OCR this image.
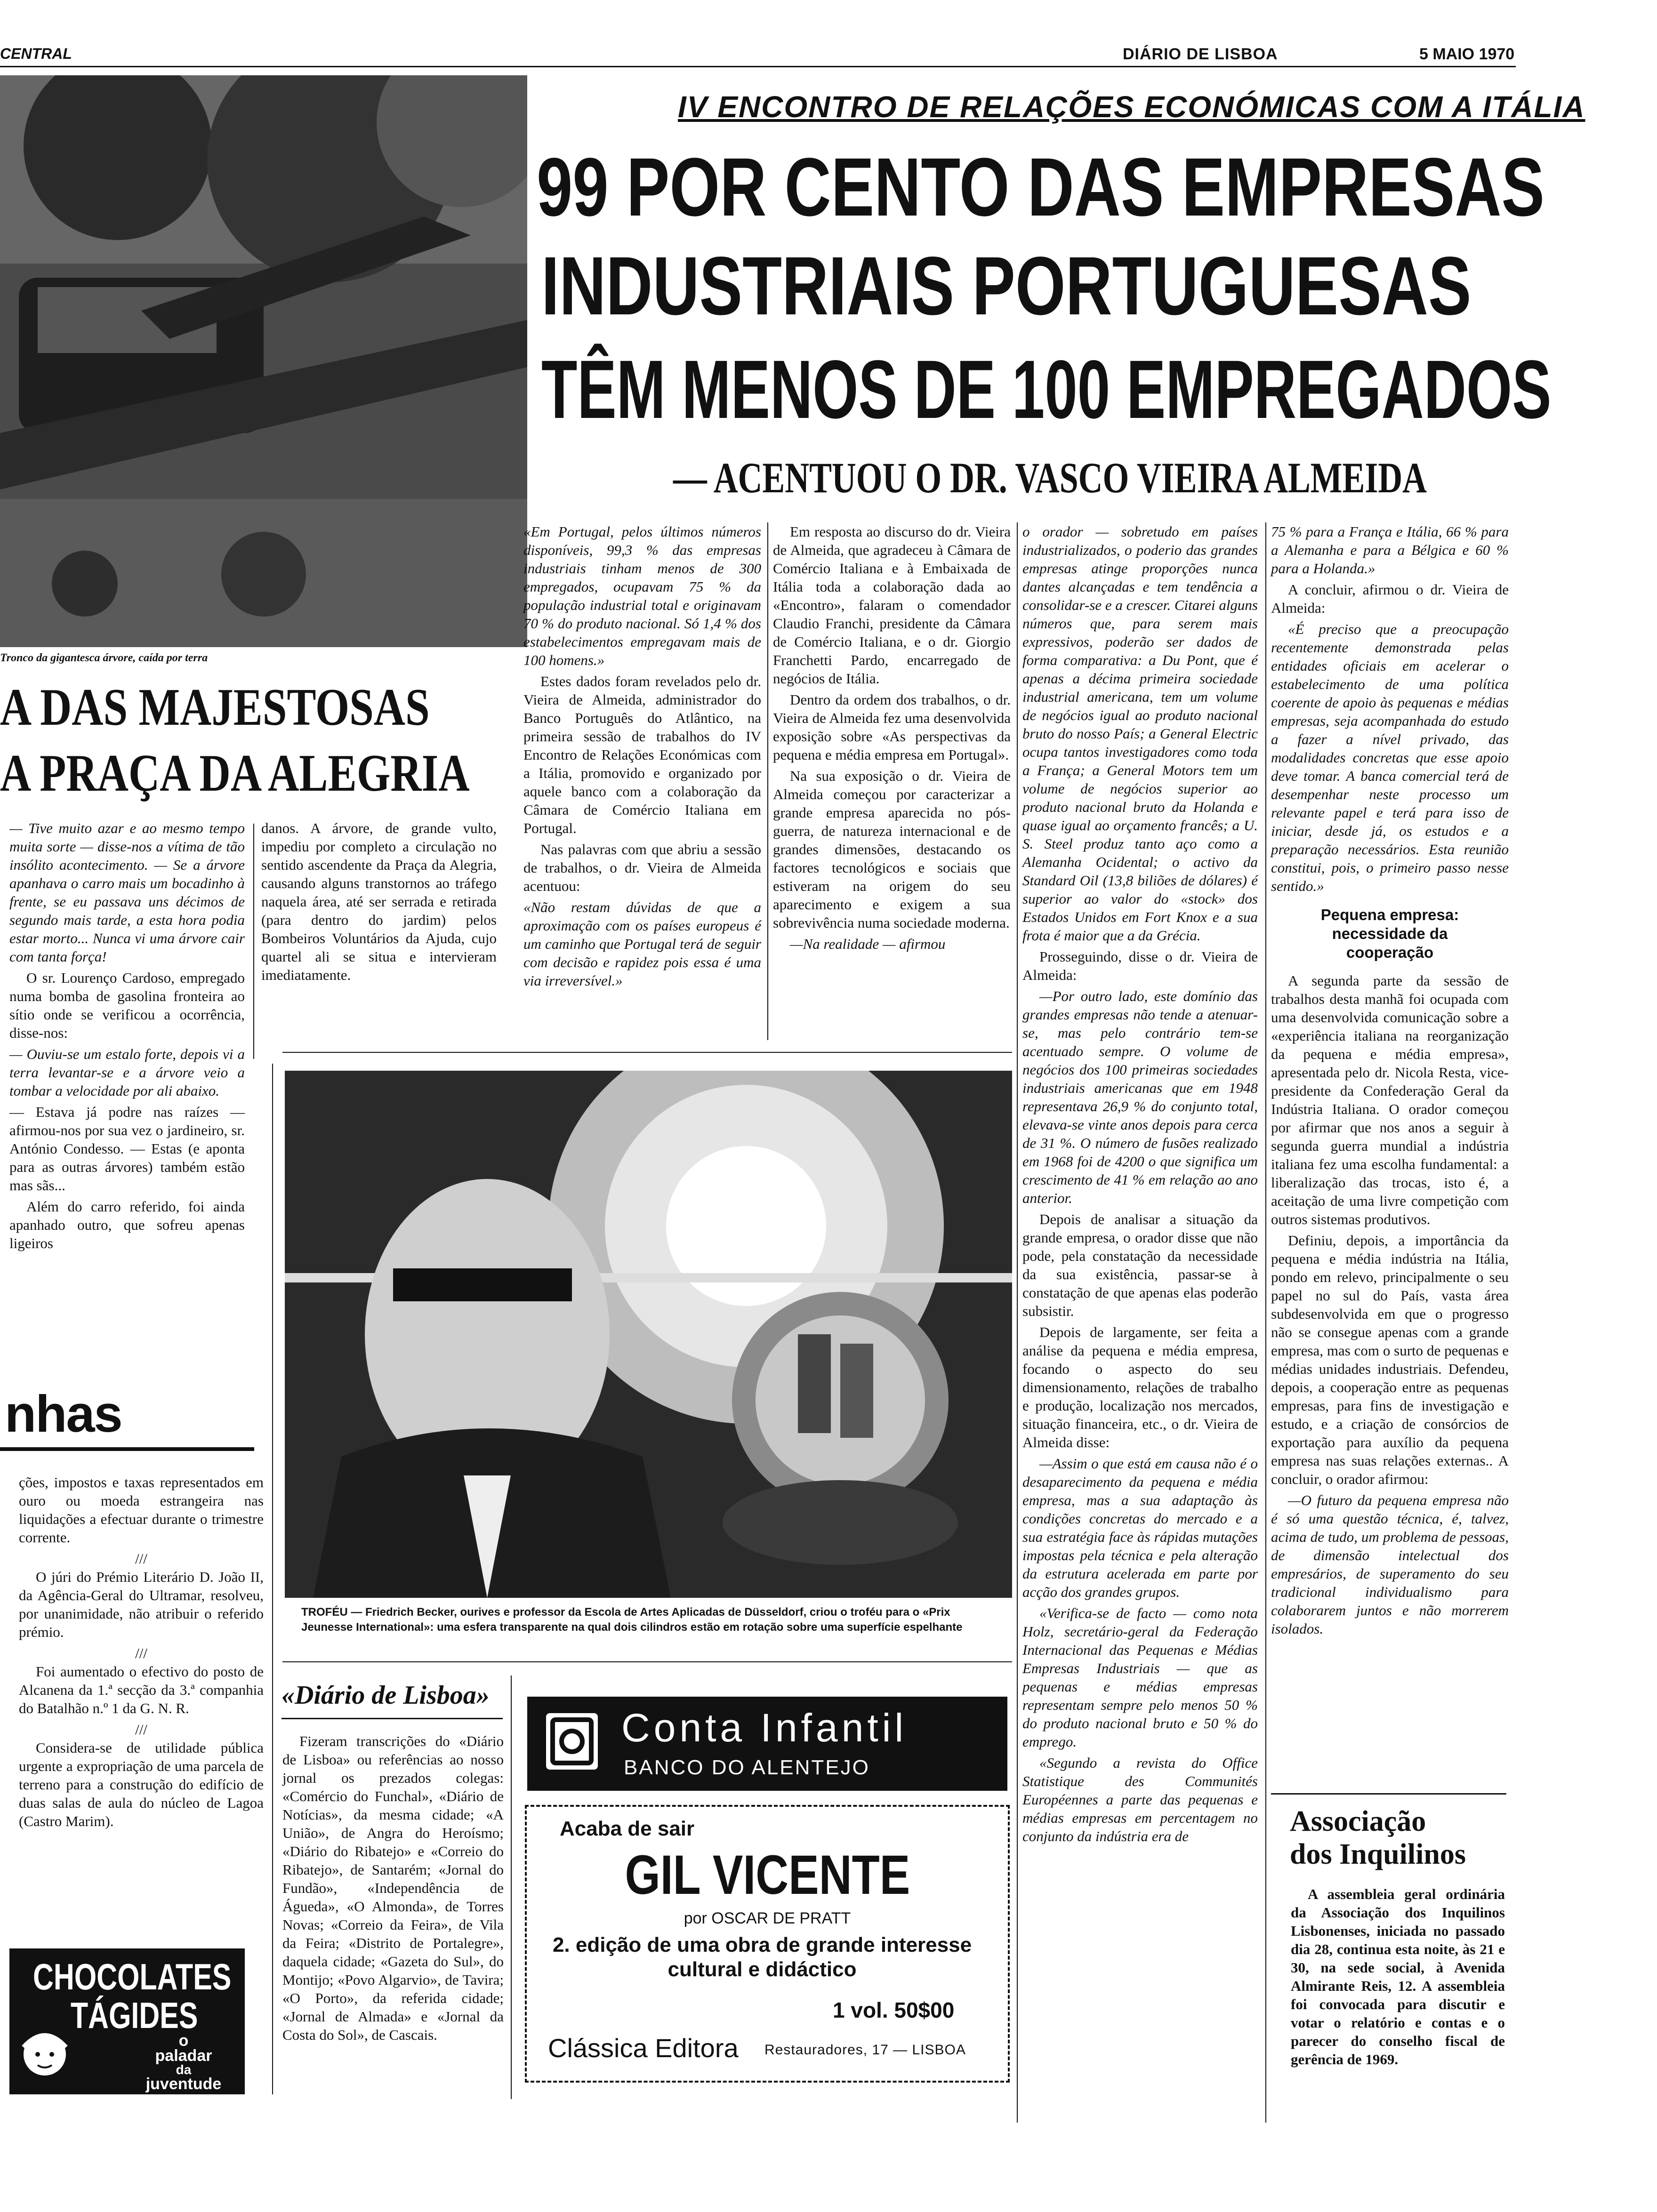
CENTRAL	DIÁRIO DE LISBOA	5 MAIO 1970
IV ENCONTRO DE RELAÇÕES ECONÓMICAS COM A ITÁLIA
99 POR CENTO DAS EMPRESAS
INDUSTRIAIS PORTUGUESAS
TÊM MENOS DE 100 EMPREGADOS
— ACENTUOU O DR. VASCO VIEIRA ALMEIDA
Tronco da gigantesca árvore, caída por terra
A DAS MAJESTOSAS
A PRAÇA DA ALEGRIA

— Tive muito azar e ao mesmo tempo muita sorte — disse-nos a vítima de tão insólito acontecimento. — Se a árvore apanhava o carro mais um bocadinho à frente, se eu passava uns décimos de segundo mais tarde, a esta hora podia estar morto... Nunca vi uma árvore cair com tanta força!

O sr. Lourenço Cardoso, empregado numa bomba de gasolina fronteira ao sítio onde se verificou a ocorrência, disse-nos:

— Ouviu-se um estalo forte, depois vi a terra levantar-se e a árvore veio a tombar a velocidade por ali abaixo.

— Estava já podre nas raízes — afirmou-nos por sua vez o jardineiro, sr. António Condesso. — Estas (e aponta para as outras árvores) também estão mas sãs...

Além do carro referido, foi ainda apanhado outro, que sofreu apenas ligeiros

danos. A árvore, de grande vulto, impediu por completo a circulação no sentido ascendente da Praça da Alegria, causando alguns transtornos ao tráfego naquela área, até ser serrada e retirada (para dentro do jardim) pelos Bombeiros Voluntários da Ajuda, cujo quartel ali se situa e intervieram imediatamente.

«Em Portugal, pelos últimos números disponíveis, 99,3 % das empresas industriais tinham menos de 300 empregados, ocupavam 75 % da população industrial total e originavam 70 % do produto nacional. Só 1,4 % dos estabelecimentos empregavam mais de 100 homens.»

Estes dados foram revelados pelo dr. Vieira de Almeida, administrador do Banco Português do Atlântico, na primeira sessão de trabalhos do IV Encontro de Relações Económicas com a Itália, promovido e organizado por aquele banco com a colaboração da Câmara de Comércio Italiana em Portugal.

Nas palavras com que abriu a sessão de trabalhos, o dr. Vieira de Almeida acentuou:

«Não restam dúvidas de que a aproximação com os países europeus é um caminho que Portugal terá de seguir com decisão e rapidez pois essa é uma via irreversível.»

Em resposta ao discurso do dr. Vieira de Almeida, que agradeceu à Câmara de Comércio Italiana e à Embaixada de Itália toda a colaboração dada ao «Encontro», falaram o comendador Claudio Franchi, presidente da Câmara de Comércio Italiana, e o dr. Giorgio Franchetti Pardo, encarregado de negócios de Itália.

Dentro da ordem dos trabalhos, o dr. Vieira de Almeida fez uma desenvolvida exposição sobre «As perspectivas da pequena e média empresa em Portugal».

Na sua exposição o dr. Vieira de Almeida começou por caracterizar a grande empresa aparecida no pós-guerra, de natureza internacional e de grandes dimensões, destacando os factores tecnológicos e sociais que estiveram na origem do seu aparecimento e exigem a sua sobrevivência numa sociedade moderna.

—Na realidade — afirmou

o orador — sobretudo em países industrializados, o poderio das grandes empresas atinge proporções nunca dantes alcançadas e tem tendência a consolidar-se e a crescer. Citarei alguns números que, para serem mais expressivos, poderão ser dados de forma comparativa: a Du Pont, que é apenas a décima primeira sociedade industrial americana, tem um volume de negócios igual ao produto nacional bruto do nosso País; a General Electric ocupa tantos investigadores como toda a França; a General Motors tem um volume de negócios superior ao produto nacional bruto da Holanda e quase igual ao orçamento francês; a U. S. Steel produz tanto aço como a Alemanha Ocidental; o activo da Standard Oil (13,8 biliões de dólares) é superior ao valor do «stock» dos Estados Unidos em Fort Knox e a sua frota é maior que a da Grécia.

Prosseguindo, disse o dr. Vieira de Almeida:

—Por outro lado, este domínio das grandes empresas não tende a atenuar-se, mas pelo contrário tem-se acentuado sempre. O volume de negócios dos 100 primeiras sociedades industriais americanas que em 1948 representava 26,9 % do conjunto total, elevava-se vinte anos depois para cerca de 31 %. O número de fusões realizado em 1968 foi de 4200 o que significa um crescimento de 41 % em relação ao ano anterior.

Depois de analisar a situação da grande empresa, o orador disse que não pode, pela constatação da necessidade da sua existência, passar-se à constatação de que apenas elas poderão subsistir.

Depois de largamente, ser feita a análise da pequena e média empresa, focando o aspecto do seu dimensionamento, relações de trabalho e produção, localização nos mercados, situação financeira, etc., o dr. Vieira de Almeida disse:

—Assim o que está em causa não é o desaparecimento da pequena e média empresa, mas a sua adaptação às condições concretas do mercado e a sua estratégia face às rápidas mutações impostas pela técnica e pela alteração da estrutura acelerada em parte por acção dos grandes grupos.

«Verifica-se de facto — como nota Holz, secretário-geral da Federação Internacional das Pequenas e Médias Empresas Industriais — que as pequenas e médias empresas representam sempre pelo menos 50 % do produto nacional bruto e 50 % do emprego.

«Segundo a revista do Office Statistique des Communités Européennes a parte das pequenas e médias empresas em percentagem no conjunto da indústria era de

75 % para a França e Itália, 66 % para a Alemanha e para a Bélgica e 60 % para a Holanda.»

A concluir, afirmou o dr. Vieira de Almeida:

«É preciso que a preocupação recentemente demonstrada pelas entidades oficiais em acelerar o estabelecimento de uma política coerente de apoio às pequenas e médias empresas, seja acompanhada do estudo a fazer a nível privado, das modalidades concretas que esse apoio deve tomar. A banca comercial terá de desempenhar neste processo um relevante papel e terá para isso de iniciar, desde já, os estudos e a preparação necessários. Esta reunião constitui, pois, o primeiro passo nesse sentido.»

Pequena empresa: necessidade da cooperação

A segunda parte da sessão de trabalhos desta manhã foi ocupada com uma desenvolvida comunicação sobre a «experiência italiana na reorganização da pequena e média empresa», apresentada pelo dr. Nicola Resta, vice-presidente da Confederação Geral da Indústria Italiana. O orador começou por afirmar que nos anos a seguir à segunda guerra mundial a indústria italiana fez uma escolha fundamental: a liberalização das trocas, isto é, a aceitação de uma livre competição com outros sistemas produtivos.

Definiu, depois, a importância da pequena e média indústria na Itália, pondo em relevo, principalmente o seu papel no sul do País, vasta área subdesenvolvida em que o progresso não se consegue apenas com a grande empresa, mas com o surto de pequenas e médias unidades industriais. Defendeu, depois, a cooperação entre as pequenas empresas, para fins de investigação e estudo, e a criação de consórcios de exportação para auxílio da pequena empresa nas suas relações externas.. A concluir, o orador afirmou:

—O futuro da pequena empresa não é só uma questão técnica, é, talvez, acima de tudo, um problema de pessoas, de dimensão intelectual dos empresários, de superamento do seu tradicional individualismo para colaborarem juntos e não morrerem isolados.

TROFÉU — Friedrich Becker, ourives e professor da Escola de Artes Aplicadas de Düsseldorf, criou o troféu para o «Prix Jeunesse International»: uma esfera transparente na qual dois cilindros estão em rotação sobre uma superfície espelhante
nhas

ções, impostos e taxas representados em ouro ou moeda estrangeira nas liquidações a efectuar durante o trimestre corrente.

///

O júri do Prémio Literário D. João II, da Agência-Geral do Ultramar, resolveu, por unanimidade, não atribuir o referido prémio.

///

Foi aumentado o efectivo do posto de Alcanena da 1.ª secção da 3.ª companhia do Batalhão n.º 1 da G. N. R.

///

Considera-se de utilidade pública urgente a expropriação de uma parcela de terreno para a construção do edifício de duas salas de aula do núcleo de Lagoa (Castro Marim).

CHOCOLATES
TÁGIDES
o
paladar
da
juventude
«Diário de Lisboa»

Fizeram transcrições do «Diário de Lisboa» ou referências ao nosso jornal os prezados colegas: «Comércio do Funchal», «Diário de Notícias», da mesma cidade; «A União», de Angra do Heroísmo; «Diário do Ribatejo» e «Correio do Ribatejo», de Santarém; «Jornal do Fundão», «Independência de Águeda», «O Almonda», de Torres Novas; «Correio da Feira», de Vila da Feira; «Distrito de Portalegre», daquela cidade; «Gazeta do Sul», do Montijo; «Povo Algarvio», de Tavira; «O Porto», da referida cidade; «Jornal de Almada» e «Jornal da Costa do Sol», de Cascais.

Conta Infantil
BANCO DO ALENTEJO
Acaba de sair
GIL VICENTE
por OSCAR DE PRATT
2. edição de uma obra de grande interesse cultural e didáctico
1 vol. 50$00
Clássica Editora Restauradores, 17 — LISBOA
Associação
dos Inquilinos

A assembleia geral ordinária da Associação dos Inquilinos Lisbonenses, iniciada no passado dia 28, continua esta noite, às 21 e 30, na sede social, à Avenida Almirante Reis, 12. A assembleia foi convocada para discutir e votar o relatório e contas e o parecer do conselho fiscal de gerência de 1969.
